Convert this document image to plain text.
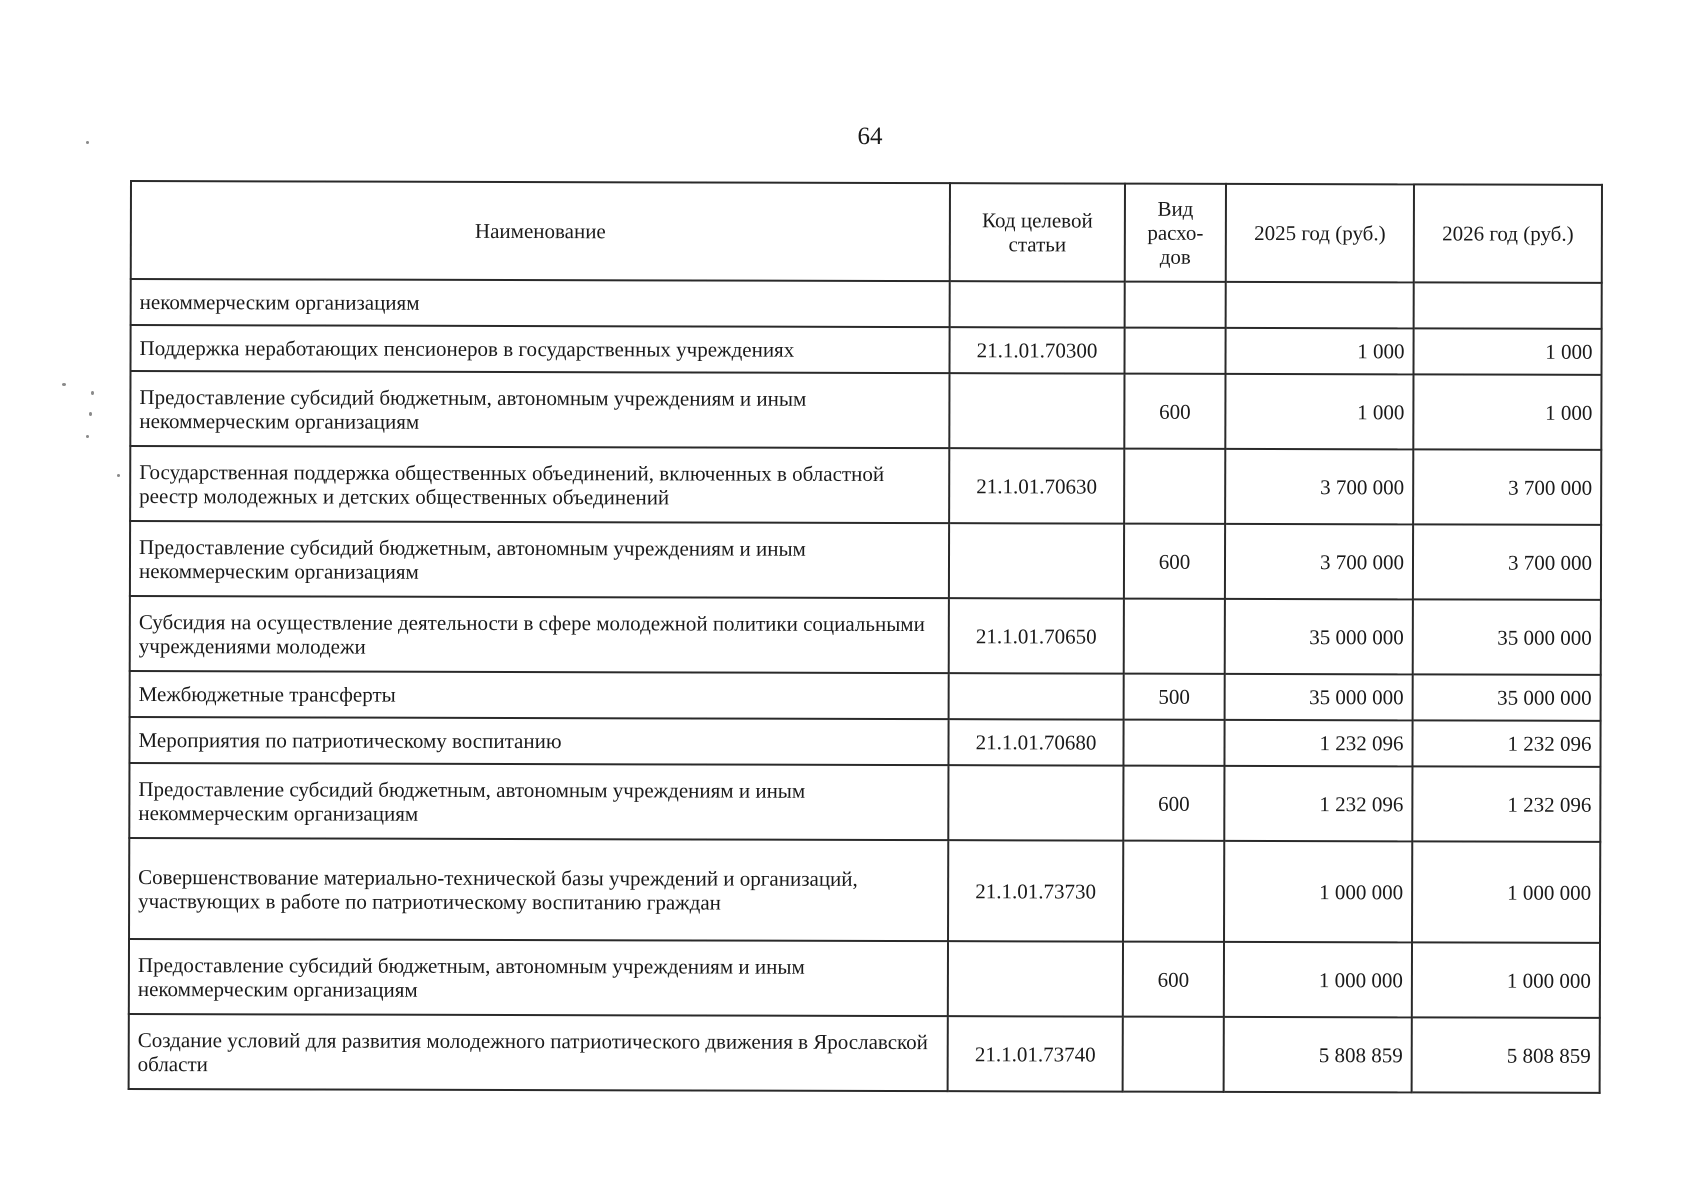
64
Наименование	Код целевой статьи	Вид расхо-дов	2025 год (руб.)	2026 год (руб.)
некоммерческим организациям				
Поддержка неработающих пенсионеров в государственных учреждениях	21.1.01.70300		1 000	1 000
Предоставление субсидий бюджетным, автономным учреждениям и иным некоммерческим организациям		600	1 000	1 000
Государственная поддержка общественных объединений, включенных в областной реестр молодежных и детских общественных объединений	21.1.01.70630		3 700 000	3 700 000
Предоставление субсидий бюджетным, автономным учреждениям и иным некоммерческим организациям		600	3 700 000	3 700 000
Субсидия на осуществление деятельности в сфере молодежной политики социальными учреждениями молодежи	21.1.01.70650		35 000 000	35 000 000
Межбюджетные трансферты		500	35 000 000	35 000 000
Мероприятия по патриотическому воспитанию	21.1.01.70680		1 232 096	1 232 096
Предоставление субсидий бюджетным, автономным учреждениям и иным некоммерческим организациям		600	1 232 096	1 232 096
Совершенствование материально-технической базы учреждений и организаций, участвующих в работе по патриотическому воспитанию граждан	21.1.01.73730		1 000 000	1 000 000
Предоставление субсидий бюджетным, автономным учреждениям и иным некоммерческим организациям		600	1 000 000	1 000 000
Создание условий для развития молодежного патриотического движения в Ярославской области	21.1.01.73740		5 808 859	5 808 859
